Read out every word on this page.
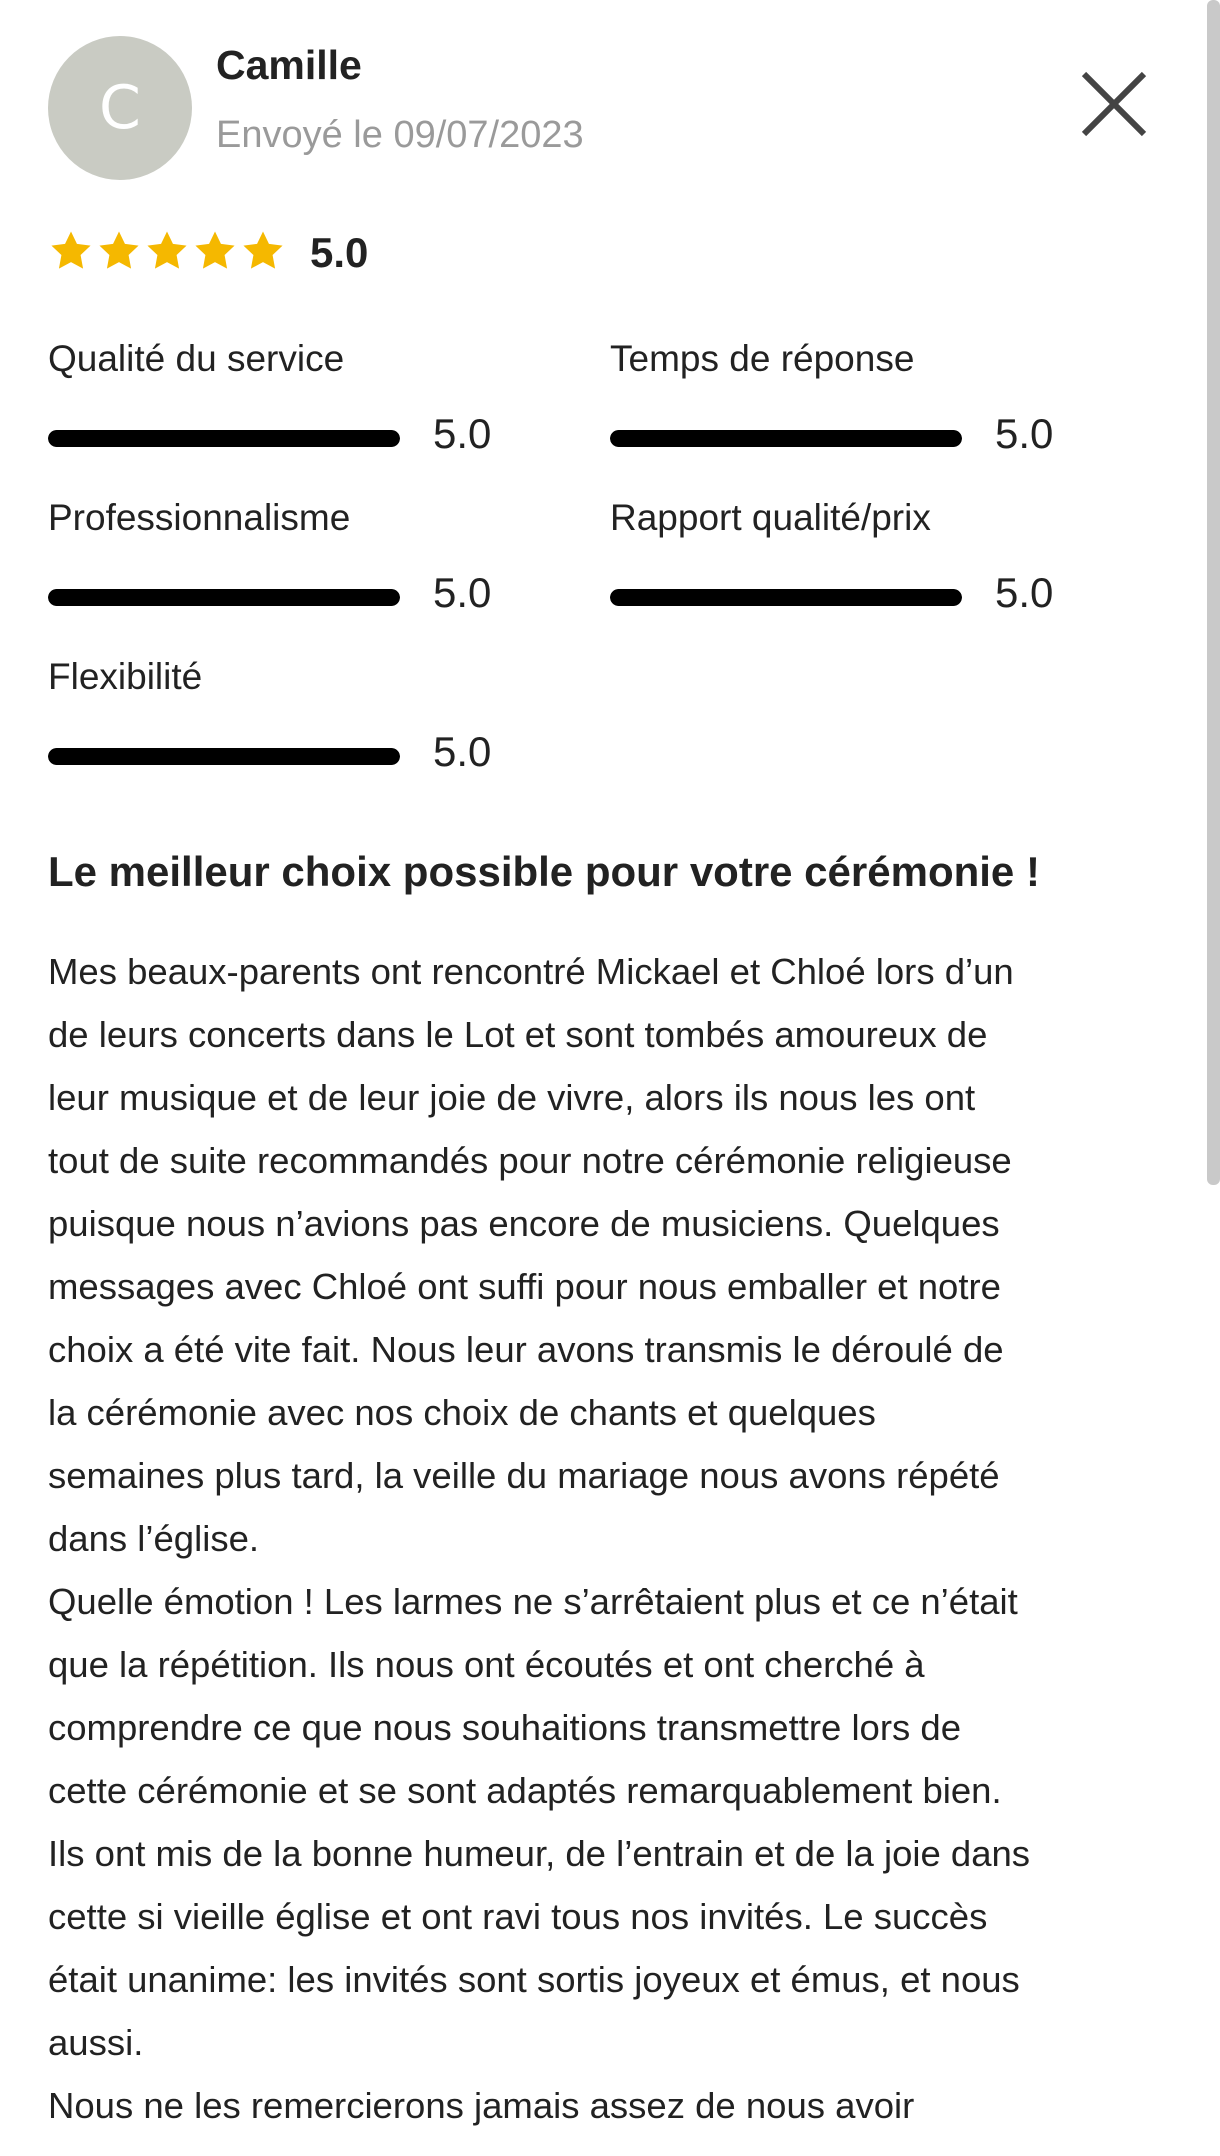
C
Camille
Envoyé le 09/07/2023
5.0
Qualité du service
5.0
Temps de réponse
5.0
Professionnalisme
5.0
Rapport qualité/prix
5.0
Flexibilité
5.0
Le meilleur choix possible pour votre cérémonie !
Mes beaux-parents ont rencontré Mickael et Chloé lors d’un
de leurs concerts dans le Lot et sont tombés amoureux de
leur musique et de leur joie de vivre, alors ils nous les ont
tout de suite recommandés pour notre cérémonie religieuse
puisque nous n’avions pas encore de musiciens. Quelques
messages avec Chloé ont suffi pour nous emballer et notre
choix a été vite fait. Nous leur avons transmis le déroulé de
la cérémonie avec nos choix de chants et quelques
semaines plus tard, la veille du mariage nous avons répété
dans l’église.
Quelle émotion ! Les larmes ne s’arrêtaient plus et ce n’était
que la répétition. Ils nous ont écoutés et ont cherché à
comprendre ce que nous souhaitions transmettre lors de
cette cérémonie et se sont adaptés remarquablement bien.
Ils ont mis de la bonne humeur, de l’entrain et de la joie dans
cette si vieille église et ont ravi tous nos invités. Le succès
était unanime: les invités sont sortis joyeux et émus, et nous
aussi.
Nous ne les remercierons jamais assez de nous avoir
